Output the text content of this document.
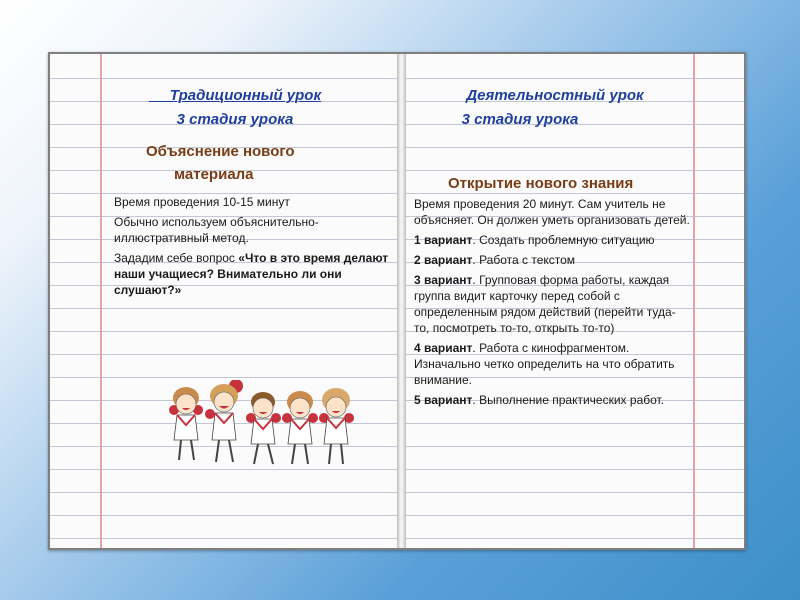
Традиционный урок
3 стадия урока
Объяснение нового
материала

Время проведения 10-15 минут

Обычно используем объяснительно-иллюстративный метод.

Зададим себе вопрос «Что в это время делают наши учащиеся? Внимательно ли они слушают?»

Деятельностный урок
3 стадия урока
Открытие нового знания

Время проведения 20 минут. Сам учитель не объясняет. Он должен уметь организовать детей.

1 вариант. Создать проблемную ситуацию

2 вариант. Работа с текстом

3 вариант. Групповая форма работы, каждая группа видит карточку перед собой с определенным рядом действий (перейти туда-то, посмотреть то-то, открыть то-то)

4 вариант. Работа с кинофрагментом. Изначально четко определить на что обратить внимание.

5 вариант. Выполнение практических работ.
